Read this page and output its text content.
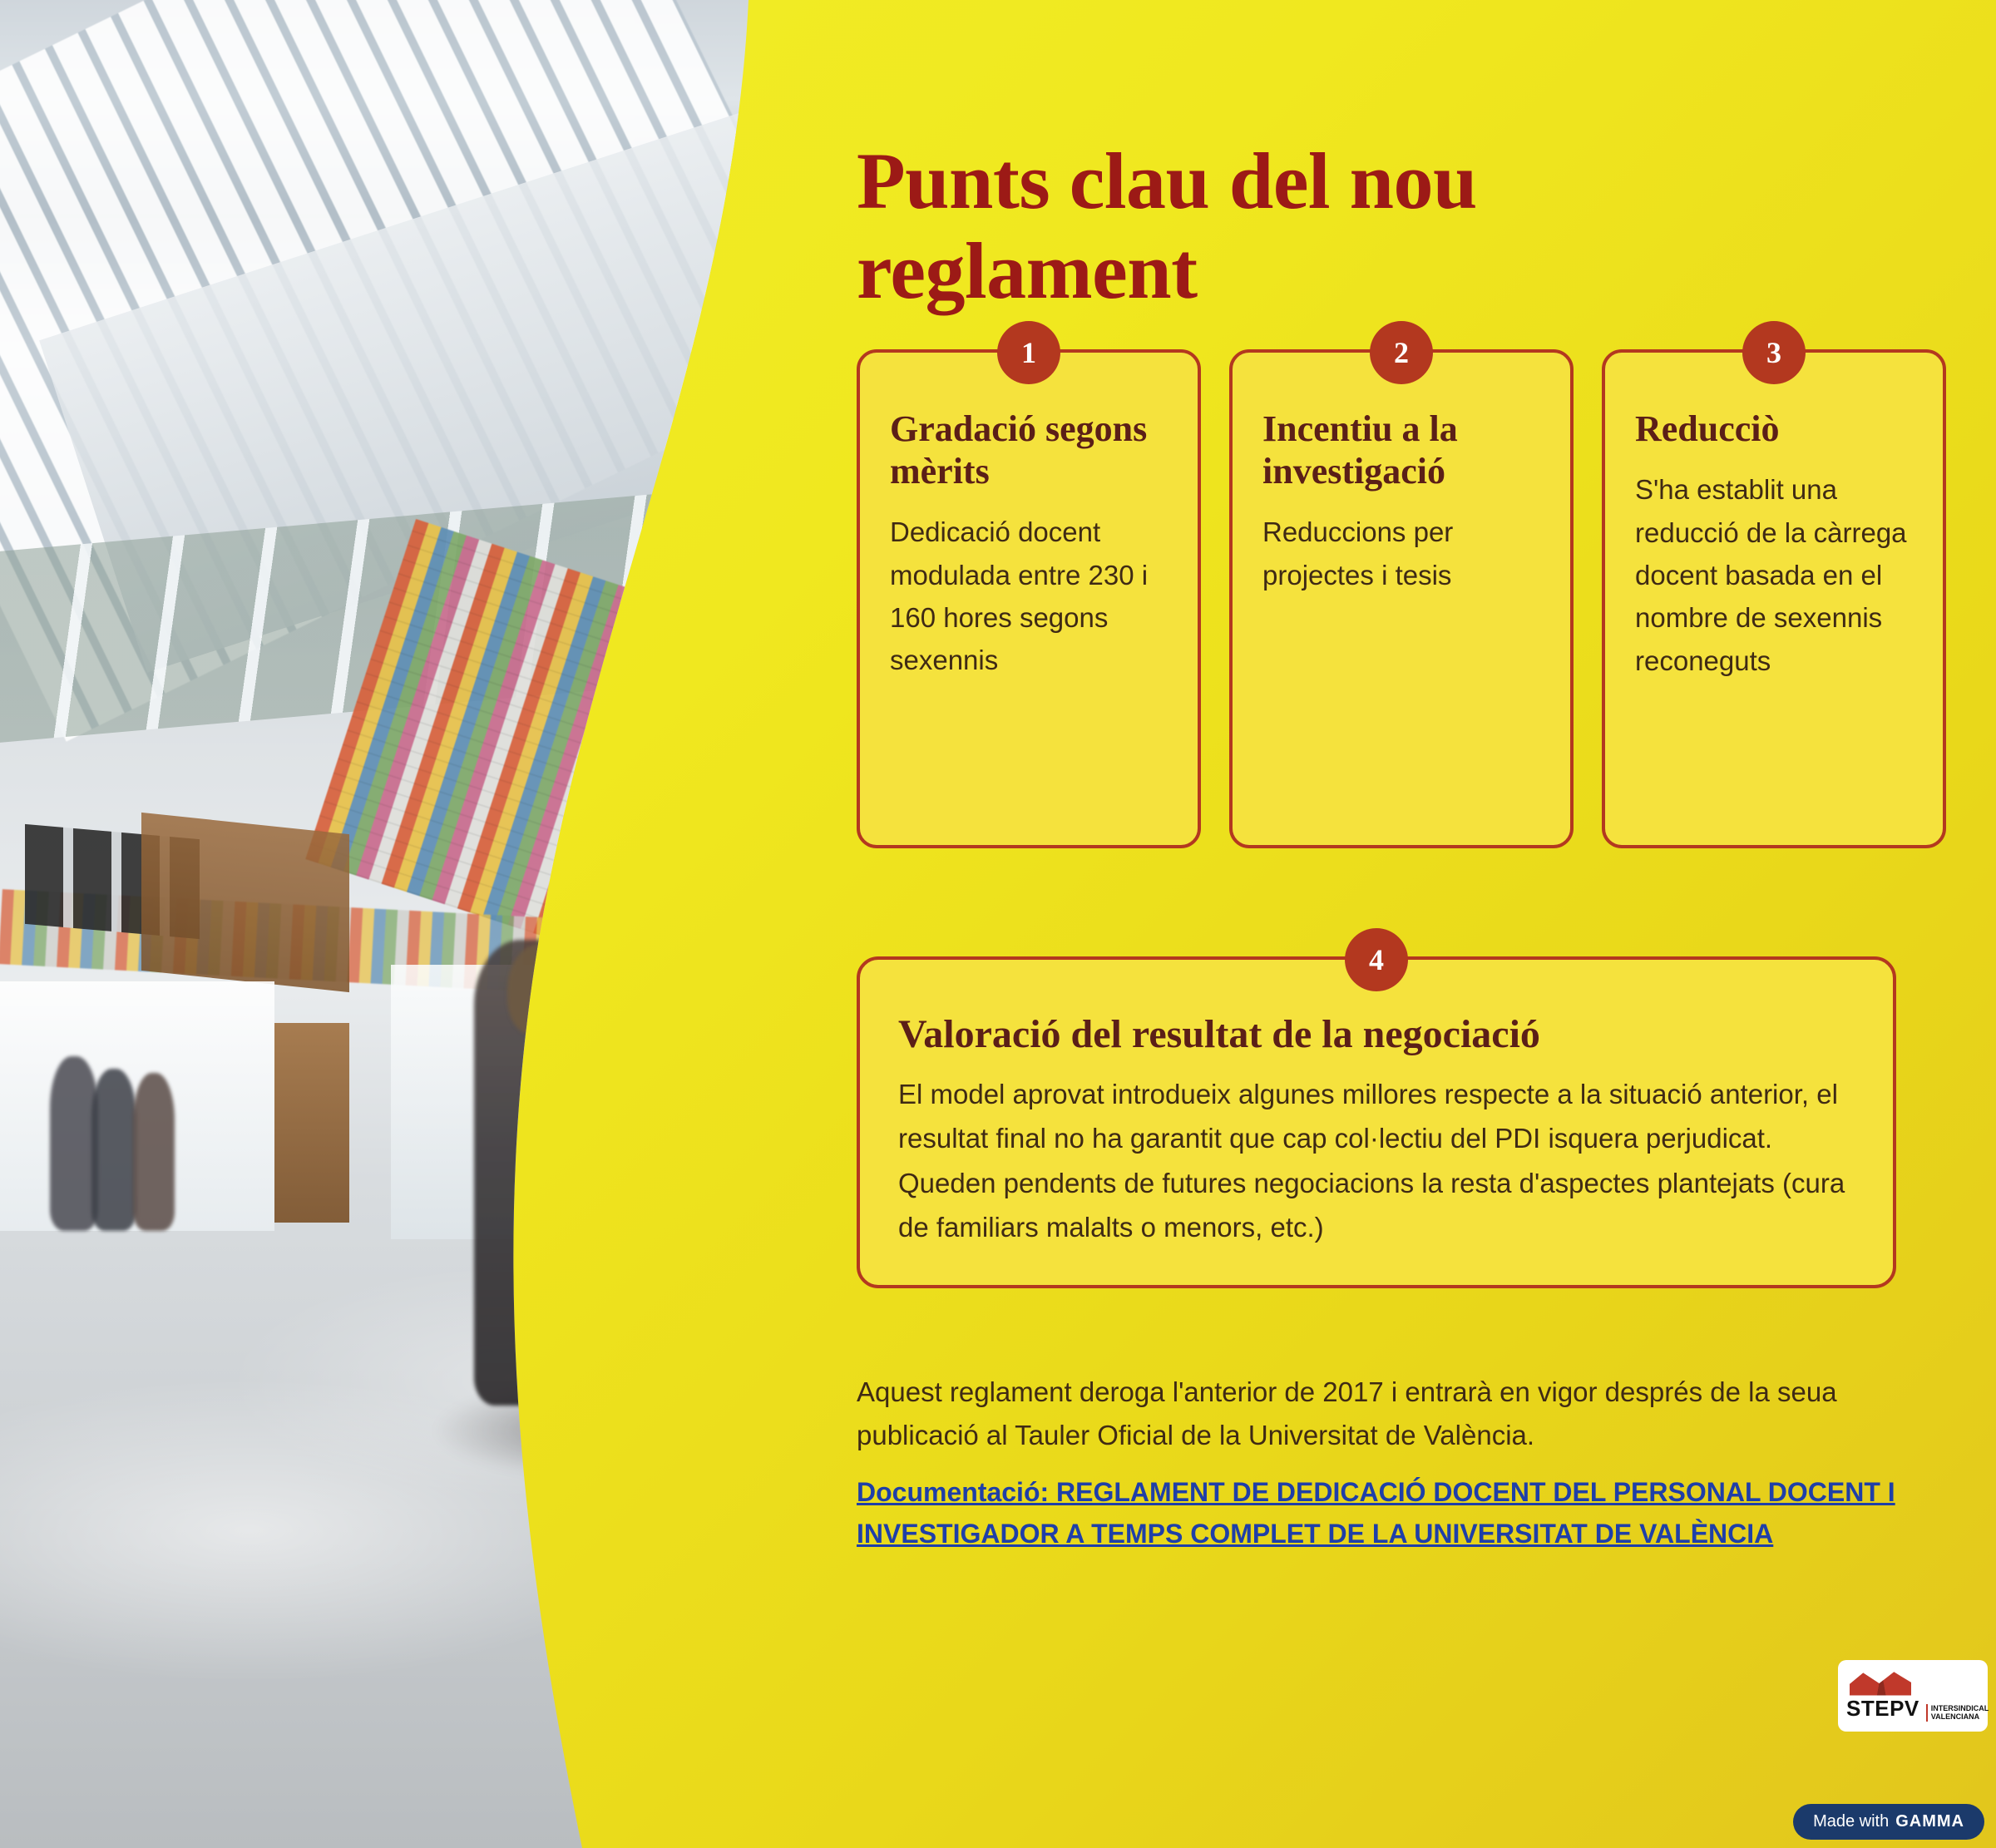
Punts clau del nou reglament
1
Gradació segons mèrits

Dedicació docent modulada entre 230 i 160 hores segons sexennis

2
Incentiu a la investigació

Reduccions per projectes i tesis

3
Reducciò

S'ha establit una reducció de la càrrega docent basada en el nombre de sexennis reconeguts

4
Valoració del resultat de la negociació

El model aprovat introdueix algunes millores respecte a la situació anterior, el resultat final no ha garantit que cap col·lectiu del PDI isquera perjudicat. Queden pendents de futures negociacions la resta d'aspectes plantejats (cura de familiars malalts o menors, etc.)

Aquest reglament deroga l'anterior de 2017 i entrarà en vigor després de la seua publicació al Tauler Oficial de la Universitat de València.

Documentació: REGLAMENT DE DEDICACIÓ DOCENT DEL PERSONAL DOCENT I INVESTIGADOR A TEMPS COMPLET DE LA UNIVERSITAT DE VALÈNCIA
STEPV	INTERSINDICAL VALENCIANA
Made with GAMMA
